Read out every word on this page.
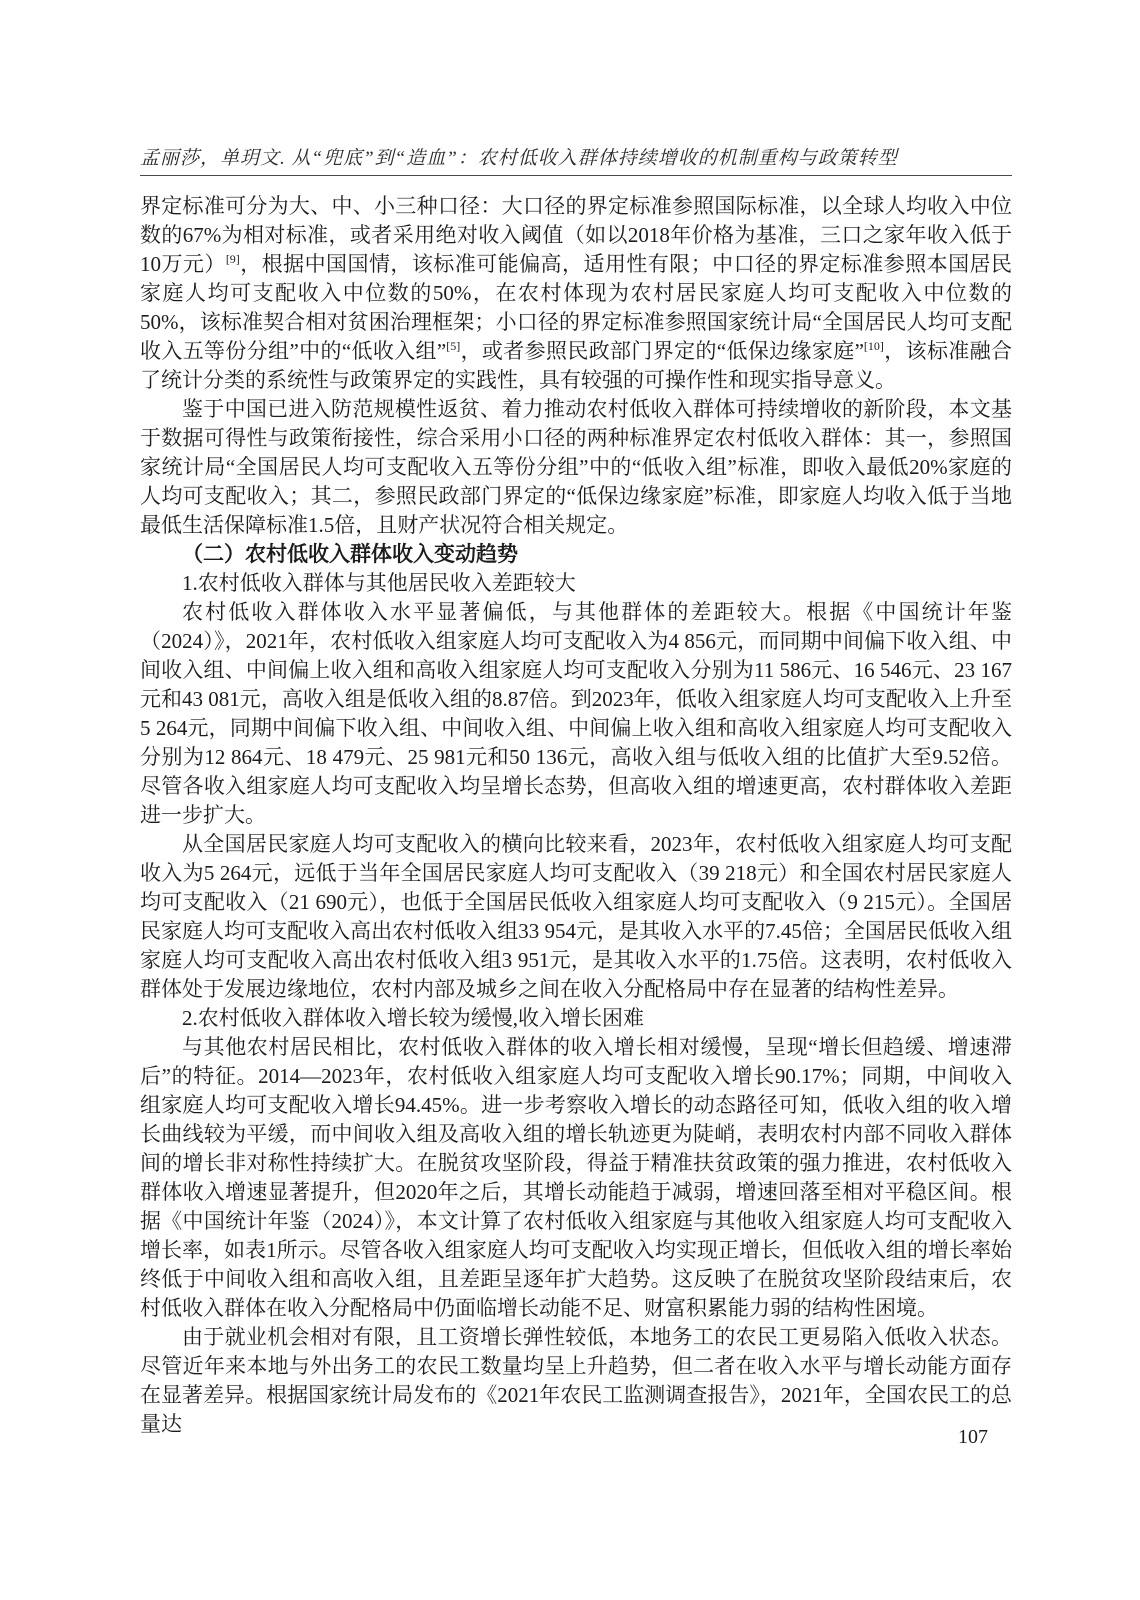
孟丽莎，单玥文. 从“兜底”到“造血”：农村低收入群体持续增收的机制重构与政策转型

界定标准可分为大、中、小三种口径：大口径的界定标准参照国际标准，以全球人均收入中位数的67%为相对标准，或者采用绝对收入阈值（如以2018年价格为基准，三口之家年收入低于10万元）[9]，根据中国国情，该标准可能偏高，适用性有限；中口径的界定标准参照本国居民家庭人均可支配收入中位数的50%，在农村体现为农村居民家庭人均可支配收入中位数的50%，该标准契合相对贫困治理框架；小口径的界定标准参照国家统计局“全国居民人均可支配收入五等份分组”中的“低收入组”[5]，或者参照民政部门界定的“低保边缘家庭”[10]，该标准融合了统计分类的系统性与政策界定的实践性，具有较强的可操作性和现实指导意义。

鉴于中国已进入防范规模性返贫、着力推动农村低收入群体可持续增收的新阶段，本文基于数据可得性与政策衔接性，综合采用小口径的两种标准界定农村低收入群体：其一，参照国家统计局“全国居民人均可支配收入五等份分组”中的“低收入组”标准，即收入最低20%家庭的人均可支配收入；其二，参照民政部门界定的“低保边缘家庭”标准，即家庭人均收入低于当地最低生活保障标准1.5倍，且财产状况符合相关规定。

（二）农村低收入群体收入变动趋势
1.农村低收入群体与其他居民收入差距较大

农村低收入群体收入水平显著偏低，与其他群体的差距较大。根据《中国统计年鉴（2024）》，2021年，农村低收入组家庭人均可支配收入为4 856元，而同期中间偏下收入组、中间收入组、中间偏上收入组和高收入组家庭人均可支配收入分别为11 586元、16 546元、23 167元和43 081元，高收入组是低收入组的8.87倍。到2023年，低收入组家庭人均可支配收入上升至5 264元，同期中间偏下收入组、中间收入组、中间偏上收入组和高收入组家庭人均可支配收入分别为12 864元、18 479元、25 981元和50 136元，高收入组与低收入组的比值扩大至9.52倍。尽管各收入组家庭人均可支配收入均呈增长态势，但高收入组的增速更高，农村群体收入差距进一步扩大。

从全国居民家庭人均可支配收入的横向比较来看，2023年，农村低收入组家庭人均可支配收入为5 264元，远低于当年全国居民家庭人均可支配收入（39 218元）和全国农村居民家庭人均可支配收入（21 690元），也低于全国居民低收入组家庭人均可支配收入（9 215元）。全国居民家庭人均可支配收入高出农村低收入组33 954元，是其收入水平的7.45倍；全国居民低收入组家庭人均可支配收入高出农村低收入组3 951元，是其收入水平的1.75倍。这表明，农村低收入群体处于发展边缘地位，农村内部及城乡之间在收入分配格局中存在显著的结构性差异。

2.农村低收入群体收入增长较为缓慢,收入增长困难

与其他农村居民相比，农村低收入群体的收入增长相对缓慢，呈现“增长但趋缓、增速滞后”的特征。2014—2023年，农村低收入组家庭人均可支配收入增长90.17%；同期，中间收入组家庭人均可支配收入增长94.45%。进一步考察收入增长的动态路径可知，低收入组的收入增长曲线较为平缓，而中间收入组及高收入组的增长轨迹更为陡峭，表明农村内部不同收入群体间的增长非对称性持续扩大。在脱贫攻坚阶段，得益于精准扶贫政策的强力推进，农村低收入群体收入增速显著提升，但2020年之后，其增长动能趋于减弱，增速回落至相对平稳区间。根据《中国统计年鉴（2024）》，本文计算了农村低收入组家庭与其他收入组家庭人均可支配收入增长率，如表1所示。尽管各收入组家庭人均可支配收入均实现正增长，但低收入组的增长率始终低于中间收入组和高收入组，且差距呈逐年扩大趋势。这反映了在脱贫攻坚阶段结束后，农村低收入群体在收入分配格局中仍面临增长动能不足、财富积累能力弱的结构性困境。

由于就业机会相对有限，且工资增长弹性较低，本地务工的农民工更易陷入低收入状态。尽管近年来本地与外出务工的农民工数量均呈上升趋势，但二者在收入水平与增长动能方面存在显著差异。根据国家统计局发布的《2021年农民工监测调查报告》，2021年，全国农民工的总量达

107
